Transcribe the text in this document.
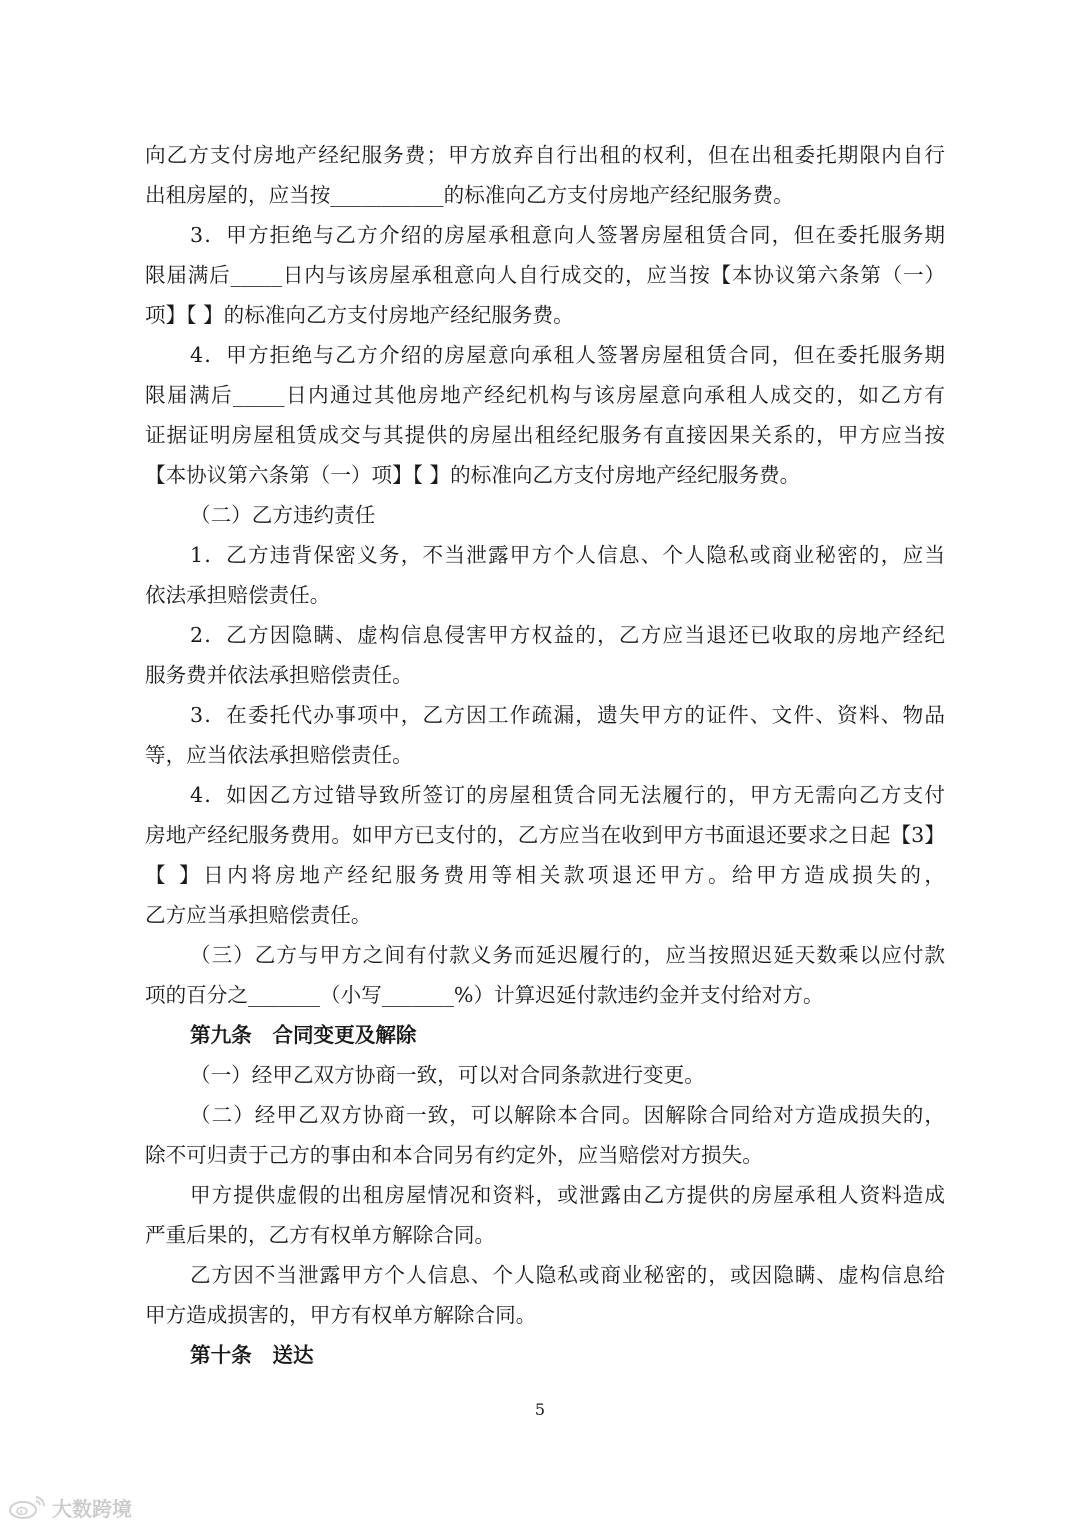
向乙方支付房地产经纪服务费；甲方放弃自行出租的权利，但在出租委托期限内自行
出租房屋的，应当按___________的标准向乙方支付房地产经纪服务费。
3．甲方拒绝与乙方介绍的房屋承租意向人签署房屋租赁合同，但在委托服务期
限届满后_____日内与该房屋承租意向人自行成交的，应当按【本协议第六条第（一）
项】【 】的标准向乙方支付房地产经纪服务费。
4．甲方拒绝与乙方介绍的房屋意向承租人签署房屋租赁合同，但在委托服务期
限届满后_____日内通过其他房地产经纪机构与该房屋意向承租人成交的，如乙方有
证据证明房屋租赁成交与其提供的房屋出租经纪服务有直接因果关系的，甲方应当按
【本协议第六条第（一）项】【 】的标准向乙方支付房地产经纪服务费。
（二）乙方违约责任
1．乙方违背保密义务，不当泄露甲方个人信息、个人隐私或商业秘密的，应当
依法承担赔偿责任。
2．乙方因隐瞒、虚构信息侵害甲方权益的，乙方应当退还已收取的房地产经纪
服务费并依法承担赔偿责任。
3．在委托代办事项中，乙方因工作疏漏，遗失甲方的证件、文件、资料、物品
等，应当依法承担赔偿责任。
4．如因乙方过错导致所签订的房屋租赁合同无法履行的，甲方无需向乙方支付
房地产经纪服务费用。如甲方已支付的，乙方应当在收到甲方书面退还要求之日起【3】
【 】日内将房地产经纪服务费用等相关款项退还甲方。给甲方造成损失的，
乙方应当承担赔偿责任。
（三）乙方与甲方之间有付款义务而延迟履行的，应当按照迟延天数乘以应付款
项的百分之_______（小写_______%）计算迟延付款违约金并支付给对方。
第九条　合同变更及解除
（一）经甲乙双方协商一致，可以对合同条款进行变更。
（二）经甲乙双方协商一致，可以解除本合同。因解除合同给对方造成损失的，
除不可归责于己方的事由和本合同另有约定外，应当赔偿对方损失。
甲方提供虚假的出租房屋情况和资料，或泄露由乙方提供的房屋承租人资料造成
严重后果的，乙方有权单方解除合同。
乙方因不当泄露甲方个人信息、个人隐私或商业秘密的，或因隐瞒、虚构信息给
甲方造成损害的，甲方有权单方解除合同。
第十条　送达
5
大数跨境
